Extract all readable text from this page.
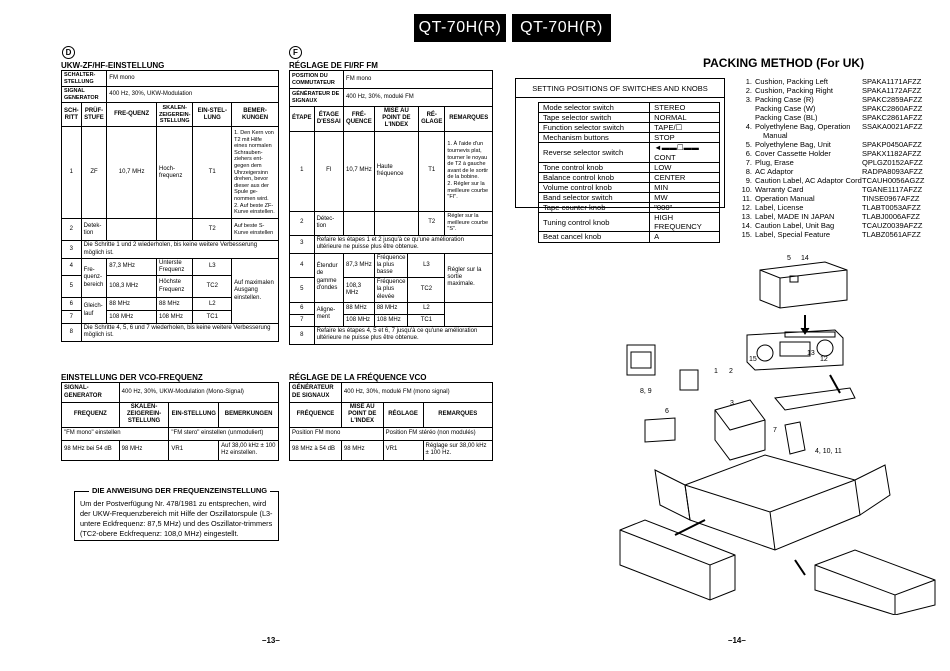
QT-70H(R) QT-70H(R)
D
UKW-ZF/HF-EINSTELLUNG
SCHALTER-STELLUNG		FM mono			
SIGNAL GENERATOR		400 Hz, 30%, UKW-Modulation			
SCH-RITT	PRÜF-STUFE	FRE-QUENZ	SKALEN-ZEIGEREIN-STELLUNG	EIN-STEL-LUNG	BEMER-KUNGEN
1	ZF	10,7 MHz	Hoch-frequenz	T1	1. Den Kern von T2 mit Hilfe eines normalen Schrauben-ziehers ent-gegen dem Uhrzeigersinn drehen, bevor dieser aus der Spule ge-nommen wird.
2. Auf beste ZF-Kurve einstellen.

2	Detek-tion			T2	Auf beste S-Kurve einstellen
3	Die Schritte 1 und 2 wiederholen, bis keine weitere Verbesserung möglich ist.				
4	Fre-quenz-bereich	87,3 MHz	Unterste Frequenz	L3	Auf maximalen Ausgang einstellen.
5		108,3 MHz	Höchste Frequenz	TC2	
6	Gleich-lauf	88 MHz	88 MHz	L2	
7		108 MHz	108 MHz	TC1	
8	Die Schritte 4, 5, 6 und 7 wiederholen, bis keine weitere Verbesserung möglich ist.				
EINSTELLUNG DER VCO-FREQUENZ
SIGNAL-GENERATOR	400 Hz, 30%, UKW-Modulation (Mono-Signal)		
FREQUENZ	SKALEN-ZEIGEREIN-STELLUNG	EIN-STELLUNG	BEMERKUNGEN
"FM mono" einstellen		"FM stero" einstellen (unmoduliert)	
98 MHz bei 54 dB	98 MHz	VR1	Auf 38,00 kHz ± 100 Hz einstellen.
DIE ANWEISUNG DER FREQUENZEINSTELLUNG
Um der Postverfügung Nr. 478/1981 zu entsprechen, wird der UKW-Frequenzbereich mit Hilfe der Oszillatorspule (L3-untere Eckfrequenz: 87,5 MHz) und des Oszillator-trimmers (TC2-obere Eckfrequenz: 108,0 MHz) eingestellt.
–13–
F
RÉGLAGE DE FI/RF FM
POSITION DU COMMUTATEUR		FM mono				
GÉNÉRATEUR DE SIGNAUX		400 Hz, 30%, modulé FM				
ÉTAPE	ÉTAGE D'ESSAI	FRÉ-QUENCE	MISE AU POINT DE L'INDEX		RÉ-GLAGE	REMARQUES
1	FI	10,7 MHz	Haute fréquence		T1	1. À l'aide d'un tournevis plat, tourner le noyau de T2 à gauche avant de le sortir de la bobine.
2. Régler sur la meilleure courbe "FI".

2	Détec-tion				T2	Régler sur la meilleure courbe "S".
3	Refaire les étapes 1 et 2 jusqu'à ce qu'une amélioration ultérieure ne puisse plus être obtenue.					
4	Étendur de gamme d'ondes	87,3 MHz	Fréquence la plus basse	L3		Régler sur la sortie maximale.
5		108,3 MHz	Fréquence la plus élevée	TC2		
6	Aligne-ment	88 MHz	88 MHz	L2		
7		108 MHz	108 MHz	TC1		
8	Refaire les étapes 4, 5 et 6, 7 jusqu'à ce qu'une amélioration ultérieure ne puisse plus être obtenue.					
RÉGLAGE DE LA FRÉQUENCE VCO
GÉNÉRATEUR DE SIGNAUX	400 Hz, 30%, modulé FM (mono signal)		
FRÉQUENCE	MISE AU POINT DE L'INDEX	RÉGLAGE	REMARQUES
Position FM mono		Position FM stéréo (non modulés)	
98 MHz à 54 dB	98 MHz	VR1	Réglage sur 38,00 kHz ± 100 Hz.
SETTING POSITIONS OF SWITCHES AND KNOBS
Mode selector switch	STEREO
Tape selector switch	NORMAL
Function selector switch	TAPE/☐
Mechanism buttons	STOP
Reverse selector switch	◄▬▬☐▬▬ CONT
Tone control knob	LOW
Balance control knob	CENTER
Volume control knob	MIN
Band selector switch	MW
Tape counter knob	"000"
Tuning control knob	HIGH FREQUENCY
Beat cancel knob	A
PACKING METHOD (For UK)
1. Cushion, Packing Left	SPAKA1171AFZZ
2. Cushion, Packing Right	SPAKA1172AFZZ
3. Packing Case (R)	SPAKC2859AFZZ
Packing Case (W)	SPAKC2860AFZZ
Packing Case (BL)	SPAKC2861AFZZ
4. Polyethylene Bag, Operation	SSAKA0021AFZZ
Manual
5. Polyethylene Bag, Unit	SPAKP0450AFZZ
6. Cover Cassette Holder	SPAKX1182AFZZ
7. Plug, Erase	QPLGZ0152AFZZ
8. AC Adaptor	RADPA8093AFZZ
9. Caution Label, AC Adaptor Cord TCAUH0056AGZZ
10. Warranty Card	TGANE1117AFZZ
11. Operation Manual	TINSE0967AFZZ
12. Label, License	TLABT0053AFZZ
13. Label, MADE IN JAPAN	TLABJ0006AFZZ
14. Caution Label, Unit Bag	TCAUZ0039AFZZ
15. Label, Special Feature	TLABZ0561AFZZ
5 14
15
13
12
1 2
8, 9
6
3
7
4, 10, 11
–14–
